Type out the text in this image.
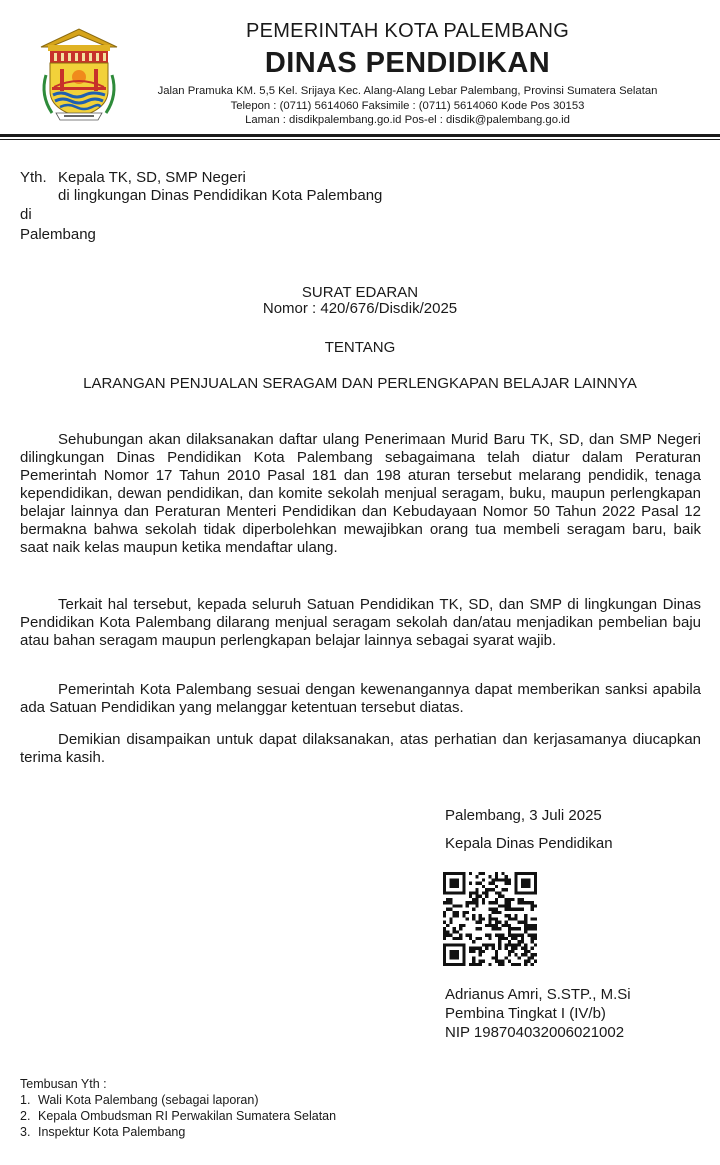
PEMERINTAH KOTA PALEMBANG
DINAS PENDIDIKAN
Jalan Pramuka KM. 5,5 Kel. Srijaya Kec. Alang-Alang Lebar Palembang, Provinsi Sumatera Selatan
Telepon : (0711) 5614060 Faksimile : (0711) 5614060 Kode Pos 30153
Laman : disdikpalembang.go.id Pos-el : disdik@palembang.go.id
Yth. Kepala TK, SD, SMP Negeri
di lingkungan Dinas Pendidikan Kota Palembang
di
Palembang
SURAT EDARAN
Nomor : 420/676/Disdik/2025
TENTANG
LARANGAN PENJUALAN SERAGAM DAN PERLENGKAPAN BELAJAR LAINNYA

Sehubungan akan dilaksanakan daftar ulang Penerimaan Murid Baru TK, SD, dan SMP Negeri dilingkungan Dinas Pendidikan Kota Palembang sebagaimana telah diatur dalam Peraturan Pemerintah Nomor 17 Tahun 2010 Pasal 181 dan 198 aturan tersebut melarang pendidik, tenaga kependidikan, dewan pendidikan, dan komite sekolah menjual seragam, buku, maupun perlengkapan belajar lainnya dan Peraturan Menteri Pendidikan dan Kebudayaan Nomor 50 Tahun 2022 Pasal 12 bermakna bahwa sekolah tidak diperbolehkan mewajibkan orang tua membeli seragam baru, baik saat naik kelas maupun ketika mendaftar ulang.

Terkait hal tersebut, kepada seluruh Satuan Pendidikan TK, SD, dan SMP di lingkungan Dinas Pendidikan Kota Palembang dilarang menjual seragam sekolah dan/atau menjadikan pembelian baju atau bahan seragam maupun perlengkapan belajar lainnya sebagai syarat wajib.

Pemerintah Kota Palembang sesuai dengan kewenangannya dapat memberikan sanksi apabila ada Satuan Pendidikan yang melanggar ketentuan tersebut diatas.

Demikian disampaikan untuk dapat dilaksanakan, atas perhatian dan kerjasamanya diucapkan terima kasih.

Palembang, 3 Juli 2025
Kepala Dinas Pendidikan
Adrianus Amri, S.STP., M.Si
Pembina Tingkat I (IV/b)
NIP 198704032006021002
Tembusan Yth :
1. Wali Kota Palembang (sebagai laporan)
2. Kepala Ombudsman RI Perwakilan Sumatera Selatan
3. Inspektur Kota Palembang
